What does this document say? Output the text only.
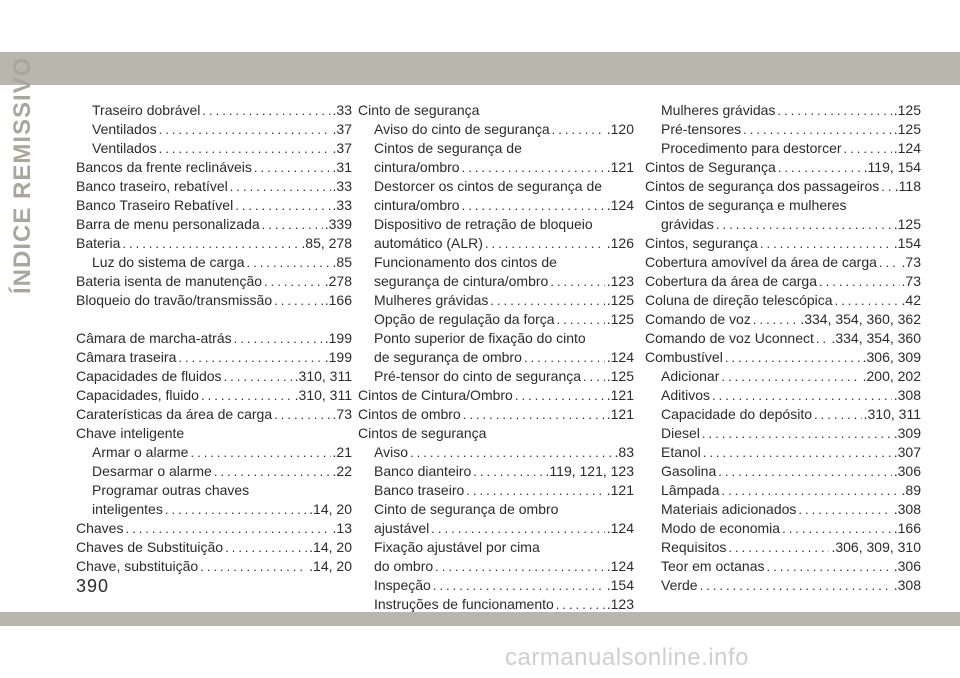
ÍNDICE REMISSIVO	Traseiro dobrável .....	.33
Ventilados .....	.37
Ventilados .....	.37
Bancos da frente reclináveis .....	.31
Banco traseiro, rebatível .....	.33
Banco Traseiro Rebatível .....	.33
Barra de menu personalizada .....	.339
Bateria .....	.85, 278
Luz do sistema de carga .....	.85
Bateria isenta de manutenção .....	.278
Bloqueio do travão/transmissão .....	.166
Câmara de marcha-atrás .....	.199
Câmara traseira .....	.199
Capacidades de fluidos .....	.310, 311
Capacidades, fluido .....	.310, 311
Caraterísticas da área de carga .....	.73
Chave inteligente
Armar o alarme .....	.21
Desarmar o alarme .....	.22
Programar outras chaves
inteligentes .....	.14, 20
Chaves .....	.13
Chaves de Substituição .....	.14, 20
Chave, substituição .....	.14, 20
Cinto de segurança
Aviso do cinto de segurança .....	.120
Cintos de segurança de
cintura/ombro .....	.121
Destorcer os cintos de segurança de
cintura/ombro .....	.124
Dispositivo de retração de bloqueio
automático (ALR) .....	.126
Funcionamento dos cintos de
segurança de cintura/ombro .....	.123
Mulheres grávidas .....	.125
Opção de regulação da força .....	.125
Ponto superior de fixação do cinto
de segurança de ombro .....	.124
Pré-tensor do cinto de segurança ..... .125
Cintos de Cintura/Ombro .....	.121
Cintos de ombro .....	.121
Cintos de segurança
Aviso .....	.83
Banco dianteiro .....	.119, 121, 123
Banco traseiro .....	.121
Cinto de segurança de ombro
ajustável .....	.124
Fixação ajustável por cima
do ombro .....	.124
Inspeção .....	.154
Instruções de funcionamento .....	.123
Mulheres grávidas .....	.125
Pré-tensores .....	.125
Procedimento para destorcer .....	.124
Cintos de Segurança .....	.119, 154
Cintos de segurança dos passageiros ..... .118
Cintos de segurança e mulheres
grávidas .....	.125
Cintos, segurança .....	.154
Cobertura amovível da área de carga ..... .73
Cobertura da área de carga .....	.73
Coluna de direção telescópica .....	.42
Comando de voz .....	.334, 354, 360, 362
Comando de voz Uconnect ..... .334, 354, 360
Combustível .....	.306, 309
Adicionar .....	.200, 202
Aditivos .....	.308
Capacidade do depósito .....	.310, 311
Diesel .....	.309
Etanol .....	.307
Gasolina .....	.306
Lâmpada .....	.89
Materiais adicionados .....	.308
Modo de economia .....	.166
Requisitos .....	.306, 309, 310
Teor em octanas .....	.306
Verde .....	.308
390
carmanualsonline.info
